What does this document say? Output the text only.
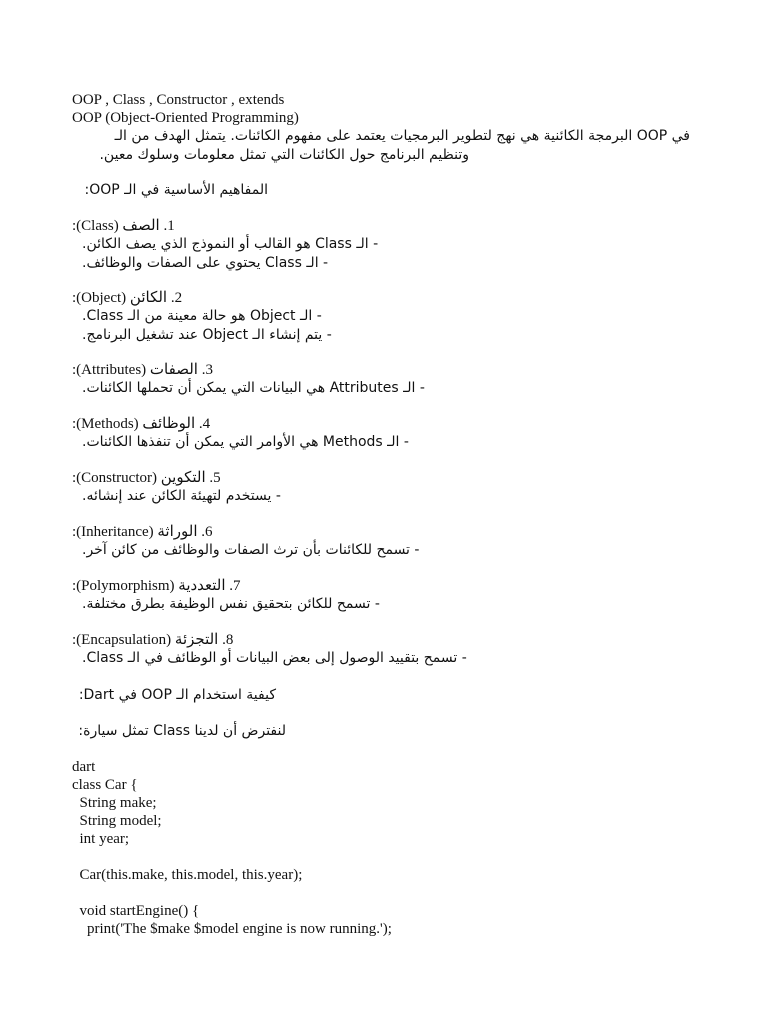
OOP , Class , Constructor , extends
OOP (Object-Oriented Programming)
في OOP البرمجة الكائنية هي نهج لتطوير البرمجيات يعتمد على مفهوم الكائنات. يتمثل الهدف من الـ
وتنظيم البرنامج حول الكائنات التي تمثل معلومات وسلوك معين.
المفاهيم الأساسية في الـ OOP:
1. الصف (Class):
- الـ Class هو القالب أو النموذج الذي يصف الكائن.
- الـ Class يحتوي على الصفات والوظائف.
2. الكائن (Object):
- الـ Object هو حالة معينة من الـ Class.
- يتم إنشاء الـ Object عند تشغيل البرنامج.
3. الصفات (Attributes):
- الـ Attributes هي البيانات التي يمكن أن تحملها الكائنات.
4. الوظائف (Methods):
- الـ Methods هي الأوامر التي يمكن أن تنفذها الكائنات.
5. التكوين (Constructor):
- يستخدم لتهيئة الكائن عند إنشائه.
6. الوراثة (Inheritance):
- تسمح للكائنات بأن ترث الصفات والوظائف من كائن آخر.
7. التعددية (Polymorphism):
- تسمح للكائن بتحقيق نفس الوظيفة بطرق مختلفة.
8. التجزئة (Encapsulation):
- تسمح بتقييد الوصول إلى بعض البيانات أو الوظائف في الـ Class.
كيفية استخدام الـ OOP في Dart:
لنفترض أن لدينا Class تمثل سيارة:
dart
class Car {
String make;
String model;
int year;
Car(this.make, this.model, this.year);
void startEngine() {
print('The $make $model engine is now running.');
